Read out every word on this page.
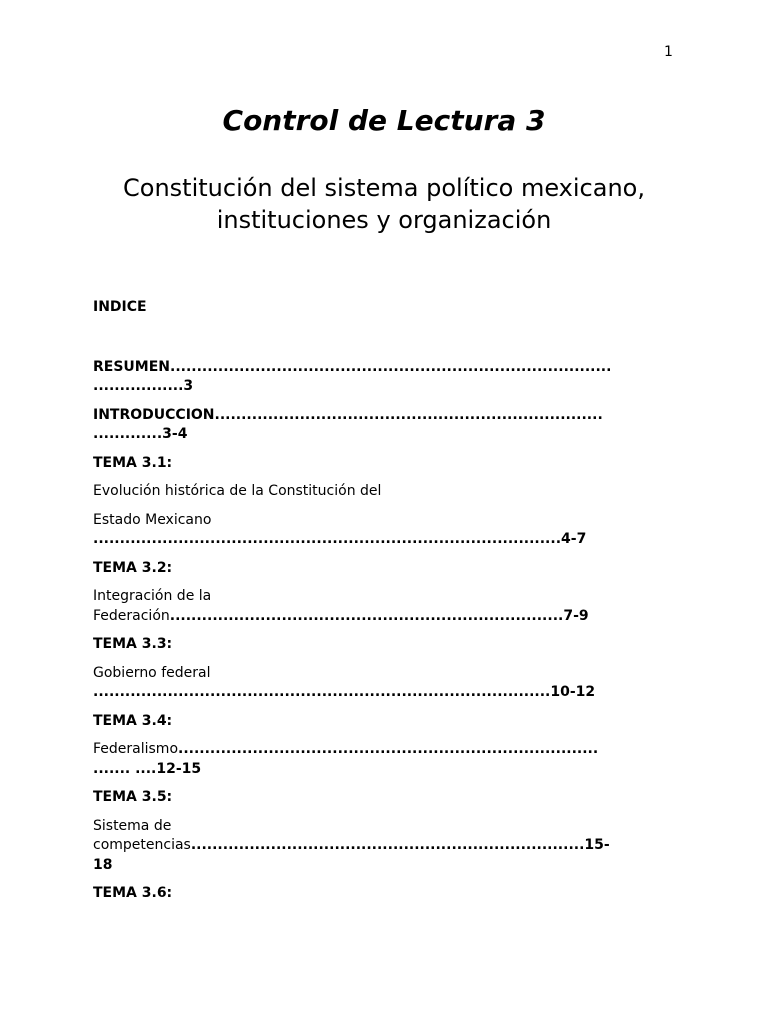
1
Control de Lectura 3
Constitución del sistema político mexicano,
instituciones y organización
INDICE
RESUMEN...................................................................................
.................3
INTRODUCCION.........................................................................
.............3-4
TEMA 3.1:
Evolución histórica de la Constitución del
Estado Mexicano
........................................................................................4-7
TEMA 3.2:
Integración de la
Federación..........................................................................7-9
TEMA 3.3:
Gobierno federal
......................................................................................10-12
TEMA 3.4:
Federalismo...............................................................................
....... ....12-15
TEMA 3.5:
Sistema de
competencias..........................................................................15-
18
TEMA 3.6:
